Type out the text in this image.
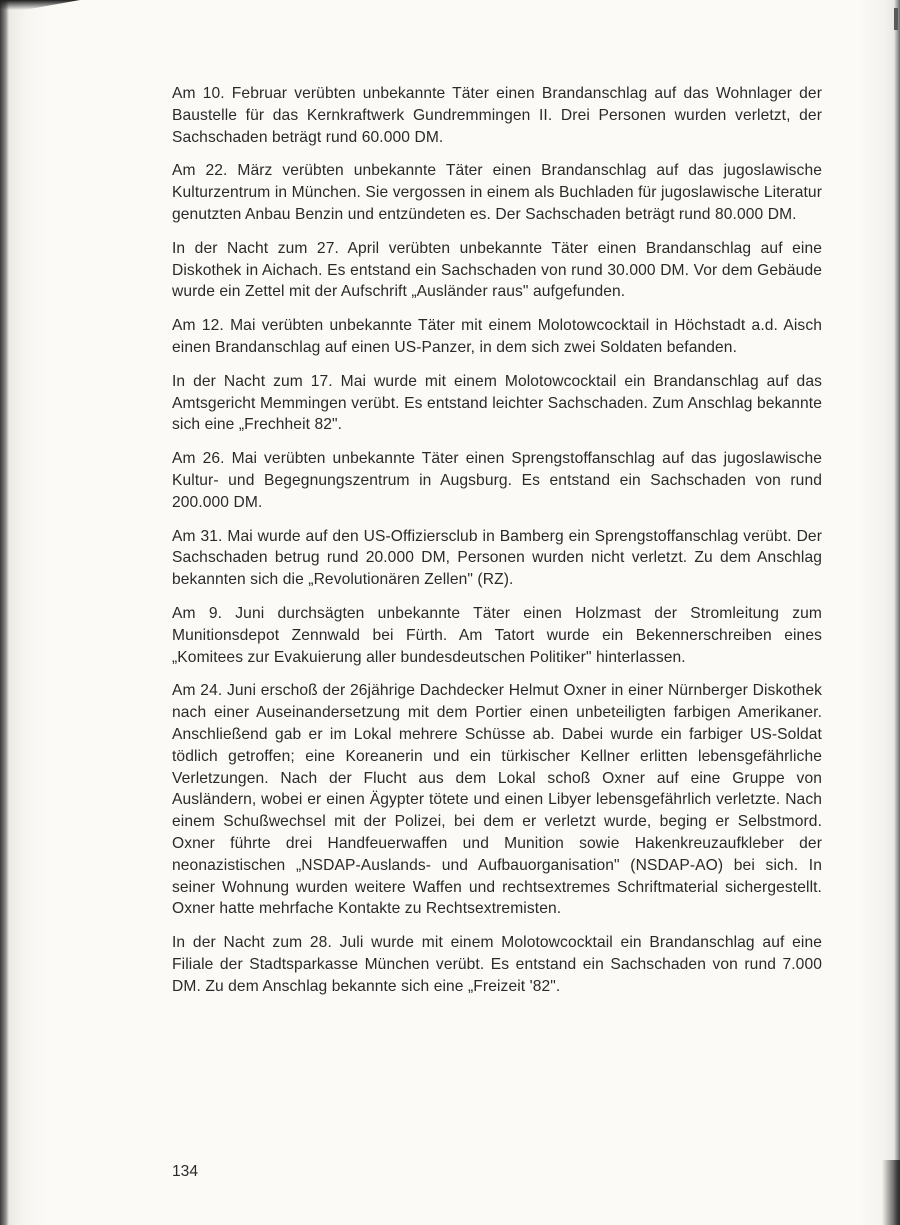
Am 10. Februar verübten unbekannte Täter einen Brandanschlag auf das Wohnlager der Baustelle für das Kernkraftwerk Gundremmingen II. Drei Personen wurden verletzt, der Sachschaden beträgt rund 60.000 DM.

Am 22. März verübten unbekannte Täter einen Brandanschlag auf das jugoslawische Kulturzentrum in München. Sie vergossen in einem als Buchladen für jugoslawische Literatur genutzten Anbau Benzin und entzündeten es. Der Sachschaden beträgt rund 80.000 DM.

In der Nacht zum 27. April verübten unbekannte Täter einen Brandanschlag auf eine Diskothek in Aichach. Es entstand ein Sachschaden von rund 30.000 DM. Vor dem Gebäude wurde ein Zettel mit der Aufschrift „Ausländer raus" aufgefunden.

Am 12. Mai verübten unbekannte Täter mit einem Molotowcocktail in Höchstadt a.d. Aisch einen Brandanschlag auf einen US-Panzer, in dem sich zwei Soldaten befanden.

In der Nacht zum 17. Mai wurde mit einem Molotowcocktail ein Brandanschlag auf das Amtsgericht Memmingen verübt. Es entstand leichter Sachschaden. Zum Anschlag bekannte sich eine „Frechheit 82".

Am 26. Mai verübten unbekannte Täter einen Sprengstoffanschlag auf das jugoslawische Kultur- und Begegnungszentrum in Augsburg. Es entstand ein Sachschaden von rund 200.000 DM.

Am 31. Mai wurde auf den US-Offiziersclub in Bamberg ein Sprengstoffanschlag verübt. Der Sachschaden betrug rund 20.000 DM, Personen wurden nicht verletzt. Zu dem Anschlag bekannten sich die „Revolutionären Zellen" (RZ).

Am 9. Juni durchsägten unbekannte Täter einen Holzmast der Stromleitung zum Munitionsdepot Zennwald bei Fürth. Am Tatort wurde ein Bekennerschreiben eines „Komitees zur Evakuierung aller bundesdeutschen Politiker" hinterlassen.

Am 24. Juni erschoß der 26jährige Dachdecker Helmut Oxner in einer Nürnberger Diskothek nach einer Auseinandersetzung mit dem Portier einen unbeteiligten farbigen Amerikaner. Anschließend gab er im Lokal mehrere Schüsse ab. Dabei wurde ein farbiger US-Soldat tödlich getroffen; eine Koreanerin und ein türkischer Kellner erlitten lebensgefährliche Verletzungen. Nach der Flucht aus dem Lokal schoß Oxner auf eine Gruppe von Ausländern, wobei er einen Ägypter tötete und einen Libyer lebensgefährlich verletzte. Nach einem Schußwechsel mit der Polizei, bei dem er verletzt wurde, beging er Selbstmord. Oxner führte drei Handfeuerwaffen und Munition sowie Hakenkreuzaufkleber der neonazistischen „NSDAP-Auslands- und Aufbauorganisation" (NSDAP-AO) bei sich. In seiner Wohnung wurden weitere Waffen und rechtsextremes Schriftmaterial sichergestellt. Oxner hatte mehrfache Kontakte zu Rechtsextremisten.

In der Nacht zum 28. Juli wurde mit einem Molotowcocktail ein Brandanschlag auf eine Filiale der Stadtsparkasse München verübt. Es entstand ein Sachschaden von rund 7.000 DM. Zu dem Anschlag bekannte sich eine „Freizeit '82".

134
